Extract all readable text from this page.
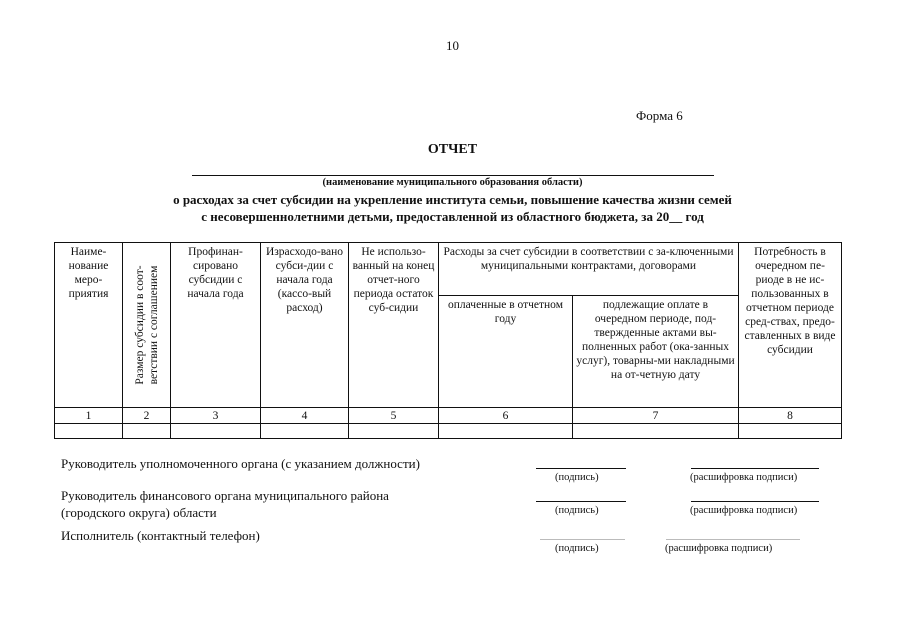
10
Форма 6
ОТЧЕТ
(наименование муниципального образования области)
о расходах за счет субсидии на укрепление института семьи, повышение качества жизни семей
с несовершеннолетними детьми, предоставленной из областного бюджета, за 20__ год
Наиме-нование меро-приятия	Размер субсидии в соот-ветствии с соглашением	Профинан-сировано субсидии с начала года	Израсходо-вано субси-дии с начала года (кассо-вый расход)	Не использо-ванный на конец отчет-ного периода остаток суб-сидии	Расходы за счет субсидии в соответствии с за-ключенными муниципальными контрактами, договорами		Потребность в очередном пе-риоде в не ис-пользованных в отчетном периоде сред-ствах, предо-ставленных в виде субсидии
					оплаченные в отчетном году	подлежащие оплате в очередном периоде, под-твержденные актами вы-полненных работ (ока-занных услуг), товарны-ми накладными на от-четную дату	
1	2	3	4	5	6	7	8

Руководитель уполномоченного органа (с указанием должности)
(подпись)	(расшифровка подписи)
Руководитель финансового органа муниципального района
(городского округа) области	(подпись)	(расшифровка подписи)
Исполнитель (контактный телефон)
(подпись)	(расшифровка подписи)
